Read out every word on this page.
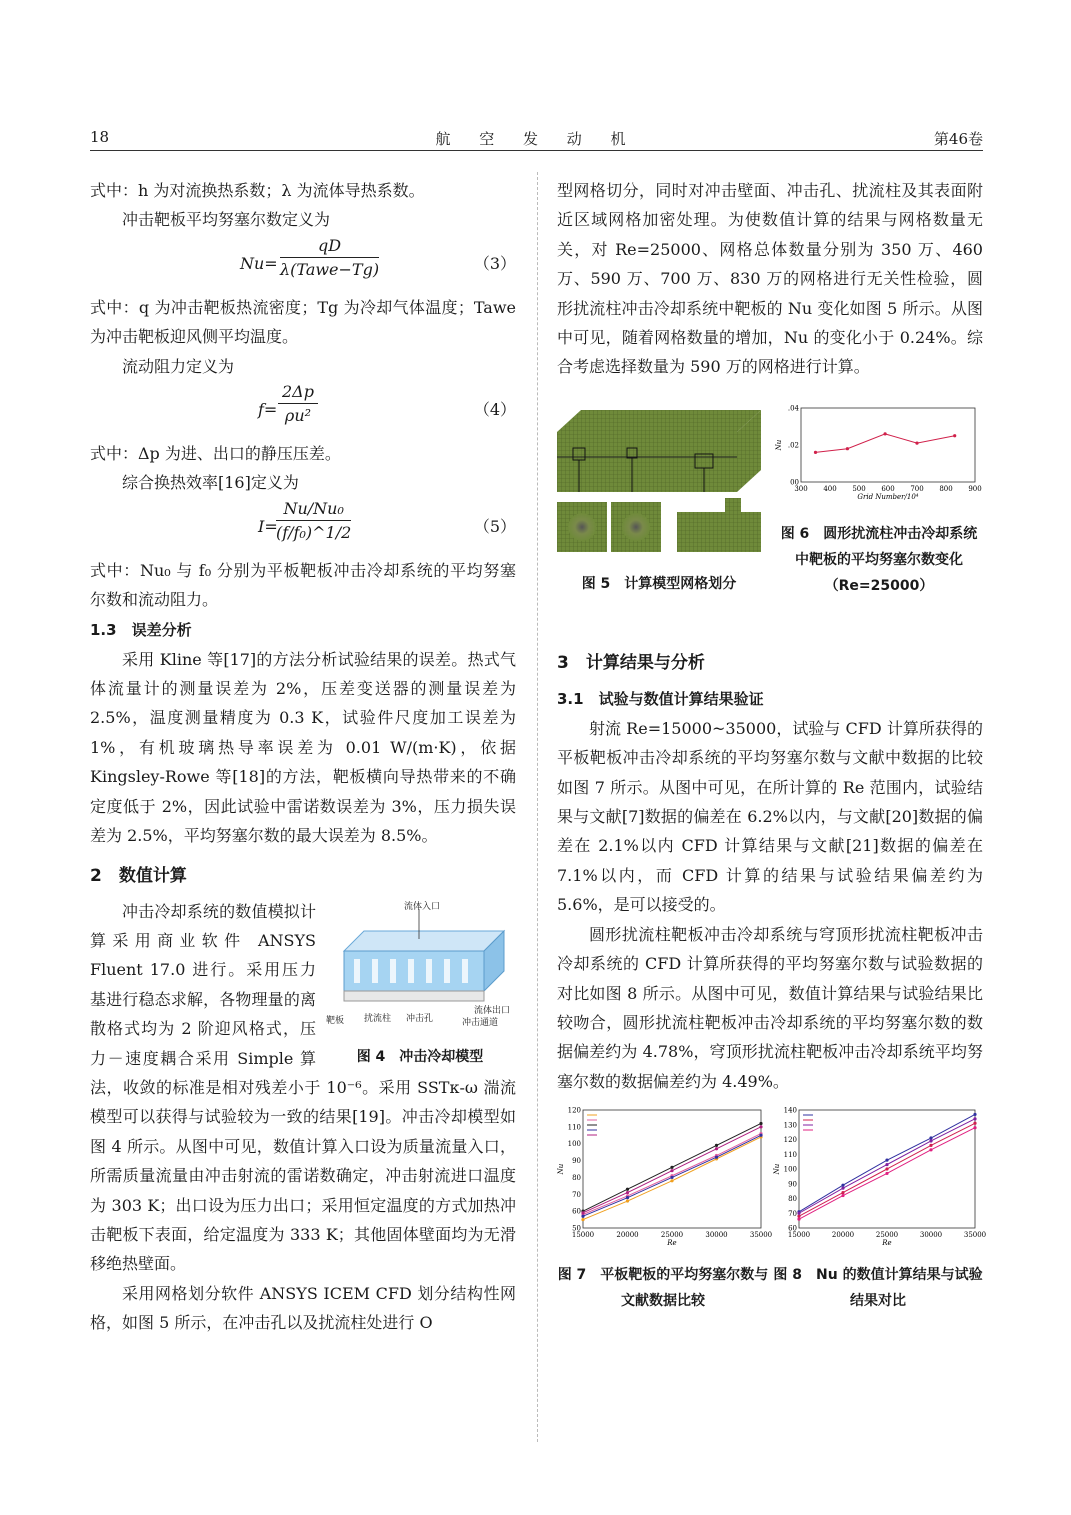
18	航 空 发 动 机	第46卷

式中：h 为对流换热系数；λ 为流体导热系数。

冲击靶板平均努塞尔数定义为

Nu=
qD
λ(Tawe−Tg)	（3）

式中：q 为冲击靶板热流密度；Tg 为冷却气体温度；Tawe 为冲击靶板迎风侧平均温度。

流动阻力定义为

$f= \frac{2\Delta p}{\text{ρu²}}$	（4）

式中：Δp 为进、出口的静压压差。

综合换热效率[16]定义为

I=
$\frac{\text{Nu/Nu₀}}{\text{(f/f₀)\textasciicircum{}1/2}}$	（5）

式中：Nu₀ 与 f₀ 分别为平板靶板冲击冷却系统的平均努塞尔数和流动阻力。

1.3　误差分析

采用 Kline 等[17]的方法分析试验结果的误差。热式气体流量计的测量误差为 2%，压差变送器的测量误差为 2.5%，温度测量精度为 0.3 K，试验件尺度加工误差为 1%，有机玻璃热导率误差为 0.01 W/(m·K)，依据 Kingsley-Rowe 等[18]的方法，靶板横向导热带来的不确定度低于 2%，因此试验中雷诺数误差为 3%，压力损失误差为 2.5%，平均努塞尔数的最大误差为 8.5%。

2　数值计算

流体入口
流体出口
靶板 扰流柱 冲击孔	冲击通道
图 4　冲击冷却模型

冲击冷却系统的数值模拟计算采用商业软件 ANSYS Fluent 17.0 进行。采用压力基进行稳态求解，各物理量的离散格式均为 2 阶迎风格式，压力－速度耦合采用 Simple 算法，收敛的标准是相对残差小于 10⁻⁶。采用 SSTκ-ω 湍流模型可以获得与试验较为一致的结果[19]。冲击冷却模型如图 4 所示。从图中可见，数值计算入口设为质量流量入口，所需质量流量由冲击射流的雷诺数确定，冲击射流进口温度为 303 K；出口设为压力出口；采用恒定温度的方式加热冲击靶板下表面，给定温度为 333 K；其他固体壁面均为无滑移绝热壁面。

采用网格划分软件 ANSYS ICEM CFD 划分结构性网格，如图 5 所示，在冲击孔以及扰流柱处进行 O

型网格切分，同时对冲击壁面、冲击孔、扰流柱及其表面附近区域网格加密处理。为使数值计算的结果与网格数量无关，对 Re=25000、网格总体数量分别为 350 万、460 万、590 万、700 万、830 万的网格进行无关性检验，圆形扰流柱冲击冷却系统中靶板的 Nu 变化如图 5 所示。从图中可见，随着网格数量的增加，Nu 的变化小于 0.24%。综合考虑选择数量为 590 万的网格进行计算。

图 5　计算模型网格划分
300 400 500 600 700 800 900
00
.02
.04
Grid Number/10⁴
Nu
图 6　圆形扰流柱冲击冷却系统中靶板的平均努塞尔数变化（Re=25000）

3　计算结果与分析

3.1　试验与数值计算结果验证

射流 Re=15000~35000，试验与 CFD 计算所获得的平板靶板冲击冷却系统的平均努塞尔数与文献中数据的比较如图 7 所示。从图中可见，在所计算的 Re 范围内，试验结果与文献[7]数据的偏差在 6.2%以内，与文献[20]数据的偏差在 2.1%以内 CFD 计算结果与文献[21]数据的偏差在 7.1%以内，而 CFD 计算的结果与试验结果偏差约为 5.6%，是可以接受的。

圆形扰流柱靶板冲击冷却系统与穹顶形扰流柱靶板冲击冷却系统的 CFD 计算所获得的平均努塞尔数与试验数据的对比如图 8 所示。从图中可见，数值计算结果与试验结果比较吻合，圆形扰流柱靶板冲击冷却系统的平均努塞尔数的数据偏差约为 4.78%，穹顶形扰流柱靶板冲击冷却系统平均努塞尔数的数据偏差约为 4.49%。

15000	20000	25000	30000	35000
50
60
70
80
90
100
110
120
Re
Nu
图 7　平板靶板的平均努塞尔数与文献数据比较
15000	20000	25000	30000	35000
60
70
80
90
100
110
120
130
140
Re
Nu
图 8　Nu 的数值计算结果与试验结果对比
